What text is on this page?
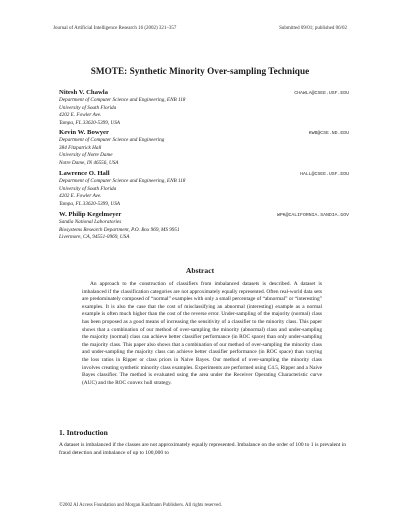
Journal of Artificial Intelligence Research 16 (2002) 321–357	Submitted 09/01; published 06/02
SMOTE: Synthetic Minority Over-sampling Technique
Nitesh V. Chawla	CHAWLA@CSEE.USF.EDU
Department of Computer Science and Engineering, ENB 118
University of South Florida
4202 E. Fowler Ave.
Tampa, FL 33620-5399, USA
Kevin W. Bowyer	KWB@CSE.ND.EDU
Department of Computer Science and Engineering
384 Fitzpatrick Hall
University of Notre Dame
Notre Dame, IN 46556, USA
Lawrence O. Hall	HALL@CSEE.USF.EDU
Department of Computer Science and Engineering, ENB 118
University of South Florida
4202 E. Fowler Ave.
Tampa, FL 33620-5399, USA
W. Philip Kegelmeyer	WPK@CALIFORNIA.SANDIA.GOV
Sandia National Laboratories
Biosystems Research Department, P.O. Box 969, MS 9951
Livermore, CA, 94551-0969, USA
Abstract
An approach to the construction of classifiers from imbalanced datasets is described. A dataset is imbalanced if the classification categories are not approximately equally represented. Often real-world data sets are predominately composed of “normal” examples with only a small percentage of “abnormal” or “interesting” examples. It is also the case that the cost of misclassifying an abnormal (interesting) example as a normal example is often much higher than the cost of the reverse error. Under-sampling of the majority (normal) class has been proposed as a good means of increasing the sensitivity of a classifier to the minority class. This paper shows that a combination of our method of over-sampling the minority (abnormal) class and under-sampling the majority (normal) class can achieve better classifier performance (in ROC space) than only under-sampling the majority class. This paper also shows that a combination of our method of over-sampling the minority class and under-sampling the majority class can achieve better classifier performance (in ROC space) than varying the loss ratios in Ripper or class priors in Naive Bayes. Our method of over-sampling the minority class involves creating synthetic minority class examples. Experiments are performed using C4.5, Ripper and a Naive Bayes classifier. The method is evaluated using the area under the Receiver Operating Characteristic curve (AUC) and the ROC convex hull strategy.
1. Introduction
A dataset is imbalanced if the classes are not approximately equally represented. Imbalance on the order of 100 to 1 is prevalent in fraud detection and imbalance of up to 100,000 to
©2002 AI Access Foundation and Morgan Kaufmann Publishers. All rights reserved.
